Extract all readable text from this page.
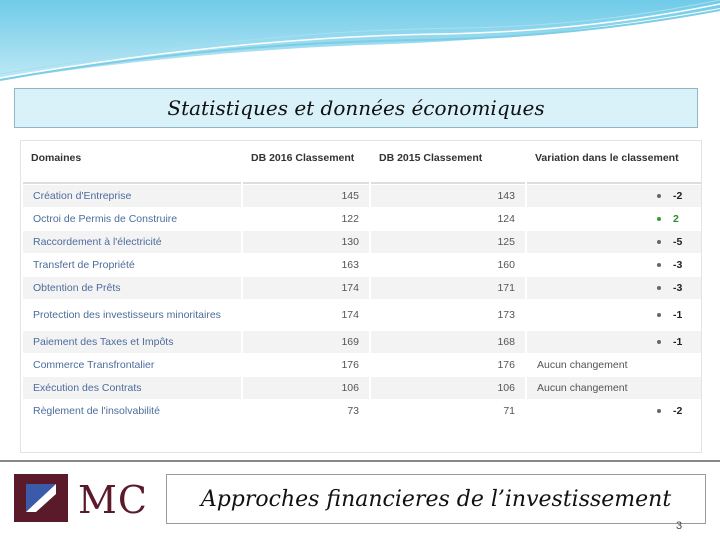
Statistiques et données économiques
Domaines	DB 2016 Classement	DB 2015 Classement	Variation dans le classement
Création d'Entreprise	145	143	-2
Octroi de Permis de Construire	122	124	2
Raccordement à l'électricité	130	125	-5
Transfert de Propriété	163	160	-3
Obtention de Prêts	174	171	-3
Protection des investisseurs minoritaires	174	173	-1
Paiement des Taxes et Impôts	169	168	-1
Commerce Transfrontalier	176	176	Aucun changement

Exécution des Contrats	106	106	Aucun changement

Règlement de l'insolvabilité	73	71	-2
MC Approches financieres de l’investissement
3
